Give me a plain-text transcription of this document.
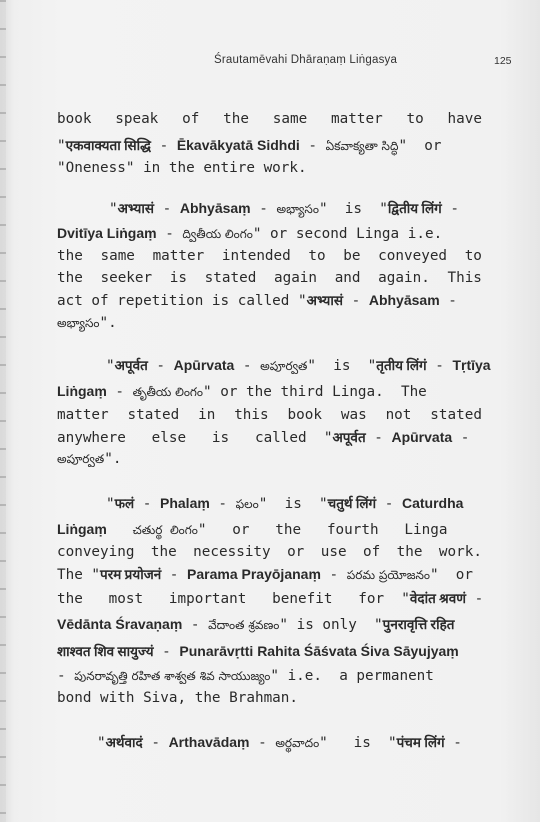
Śrautamēvahi Dhāraṇaṃ Liṅgasya	125
book speak of the same matter to have
"एकवाक्यता सिद्धि - Ēkavākyatā Sidhdi - ఏకవాక్యతా సిద్ధి"  or
"Oneness" in the entire work.
"अभ्यासं - Abhyāsaṃ - అభ్యాసం"  is  "द्वितीय लिंगं -
Dvitīya Liṅgaṃ - ద్వితీయ లింగం" or second Linga i.e.
the same matter intended to be conveyed to
the seeker is stated again and again. This
act of repetition is called "अभ्यासं - Abhyāsam -
అభ్యాసం".
"अपूर्वत - Apūrvata - అపూర్వత"  is  "तृतीय लिंगं - Tṛtīya
Liṅgaṃ - తృతీయ లింగం" or the third Linga.  The
matter stated in this book was not stated
anywhere   else   is   called  "अपूर्वत - Apūrvata -
అపూర్వత".
"फलं - Phalaṃ - ఫలం"  is  "चतुर्थ लिंगं - Caturdha
Liṅgaṃ చతుర్థ  లింగం"   or   the   fourth   Linga
conveying the necessity or use of the work.
The "परम प्रयोजनं - Parama Prayōjanaṃ - పరమ ప్రయోజనం"  or
the   most   important   benefit   for  "वेदांत श्रवणं -
Vēdānta Śravaṇaṃ - వేదాంత శ్రవణం" is only  "पुनरावृत्ति रहित
शाश्वत शिव सायुज्यं - Punarāvṛtti Rahita Śāśvata Śiva Sāyujyaṃ
- పునరావృత్తి రహిత శాశ్వత శివ సాయుజ్యం" i.e.  a permanent
bond with Siva, the Brahman.
"अर्थवादं - Arthavādaṃ - అర్థవాదం"   is  "पंचम लिंगं -
